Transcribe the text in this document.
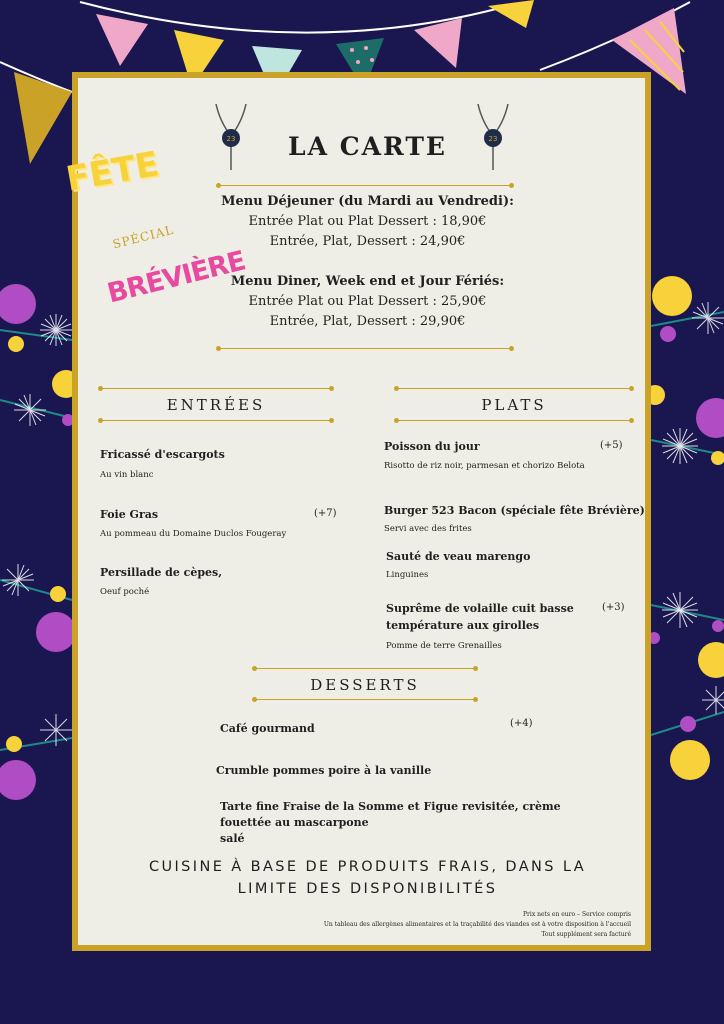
23	23
LA CARTE
Menu Déjeuner (du Mardi au Vendredi):
Entrée Plat ou Plat Dessert : 18,90€
Entrée, Plat, Dessert : 24,90€
Menu Diner, Week end et Jour Fériés:
Entrée Plat ou Plat Dessert : 25,90€
Entrée, Plat, Dessert : 29,90€
ENTRÉES
Fricassé d'escargots
Au vin blanc
Foie Gras	(+7)
Au pommeau du Domaine Duclos Fougeray
Persillade de cèpes,
Oeuf poché
PLATS
Poisson du jour	(+5)
Risotto de riz noir, parmesan et chorizo Belota
Burger 523 Bacon (spéciale fête Brévière)
Servi avec des frites
Sauté de veau marengo
Linguines
Suprême de volaille cuit basse
température aux girolles
(+3)
Pomme de terre Grenailles
DESSERTS
Café gourmand	(+4)
Crumble pommes poire à la vanille
Tarte fine Fraise de la Somme et Figue revisitée, crème
fouettée au mascarpone
salé
CUISINE À BASE DE PRODUITS FRAIS, DANS LA
LIMITE DES DISPONIBILITÉS
Prix nets en euro – Service compris
Un tableau des allergènes alimentaires et la traçabilité des viandes est à votre disposition à l'accueil
Tout supplément sera facturé
FÊTE
SPÉCIAL
BRÉVIÈRE
